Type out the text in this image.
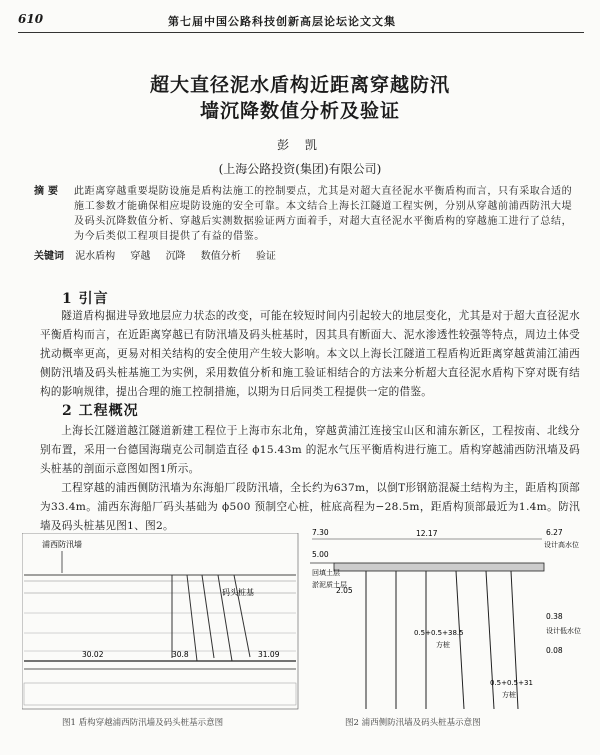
610	第七届中国公路科技创新高层论坛论文文集
超大直径泥水盾构近距离穿越防汛
墙沉降数值分析及验证
彭 凯
(上海公路投资(集团)有限公司)
摘要 此距离穿越重要堤防设施是盾构法施工的控制要点，尤其是对超大直径泥水平衡盾构而言，只有采取合适的施工参数才能确保相应堤防设施的安全可靠。本文结合上海长江隧道工程实例，分别从穿越前浦西防汛大堤及码头沉降数值分析、穿越后实测数据验证两方面着手，对超大直径泥水平衡盾构的穿越施工进行了总结，为今后类似工程项目提供了有益的借鉴。
关键词 泥水盾构 穿越 沉降 数值分析 验证
1 引言

隧道盾构掘进导致地层应力状态的改变，可能在较短时间内引起较大的地层变化，尤其是对于超大直径泥水平衡盾构而言，在近距离穿越已有防汛墙及码头桩基时，因其具有断面大、泥水渗透性较强等特点，周边土体受扰动概率更高，更易对相关结构的安全使用产生较大影响。本文以上海长江隧道工程盾构近距离穿越黄浦江浦西侧防汛墙及码头桩基施工为实例，采用数值分析和施工验证相结合的方法来分析超大直径泥水盾构下穿对既有结构的影响规律，提出合理的施工控制措施，以期为日后同类工程提供一定的借鉴。

2 工程概况

上海长江隧道越江隧道新建工程位于上海市东北角，穿越黄浦江连接宝山区和浦东新区，工程按南、北线分别布置，采用一台德国海瑞克公司制造直径 ϕ15.43m 的泥水气压平衡盾构进行施工。盾构穿越浦西防汛墙及码头桩基的剖面示意图如图1所示。

工程穿越的浦西侧防汛墙为东海船厂段防汛墙，全长约为637m，以倒T形钢筋混凝土结构为主，距盾构顶部为33.4m。浦西东海船厂码头基础为 ϕ500 预制空心桩，桩底高程为−28.5m，距盾构顶部最近为1.4m。防汛墙及码头桩基见图1、图2。

浦西防汛墙
码头桩基
30.02	30.8	31.09
图1 盾构穿越浦西防汛墙及码头桩基示意图
7.30	12.17	6.27
设计高水位
5.00
回填土层
淤泥质土层
2.05
0.38
设计低水位
0.08
0.5+0.5+38.5
方桩
0.5+0.5+31
方桩
图2 浦西侧防汛墙及码头桩基示意图
